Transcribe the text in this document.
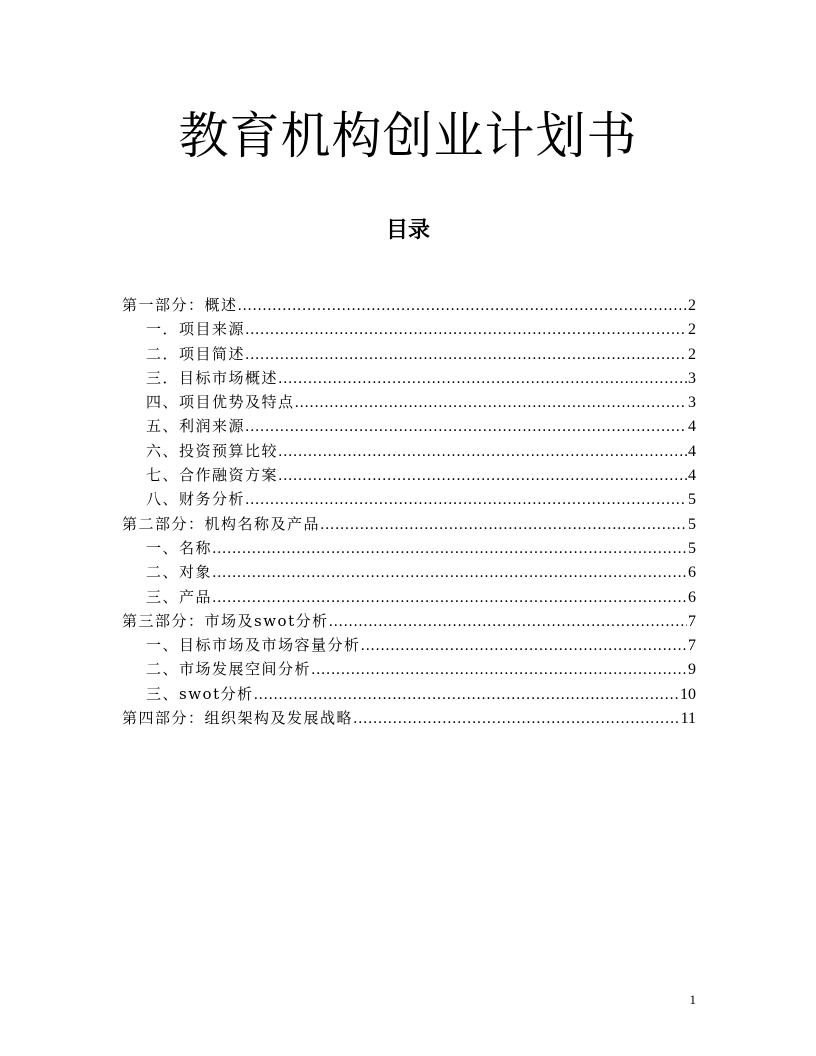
教育机构创业计划书
目录
第一部分：概述 .....	2
一．项目来源 .....	2
二．项目简述 .....	2
三．目标市场概述 .....	3
四、项目优势及特点 .....	3
五、利润来源 .....	4
六、投资预算比较 .....	4
七、合作融资方案 .....	4
八、财务分析 .....	5
第二部分：机构名称及产品 .....	5
一、名称 .....	5
二、对象 .....	6
三、产品 .....	6
第三部分：市场及swot分析 .....	7
一、目标市场及市场容量分析 .....	7
二、市场发展空间分析 .....	9
三、swot分析 .....	10
第四部分：组织架构及发展战略 .....	11
1
